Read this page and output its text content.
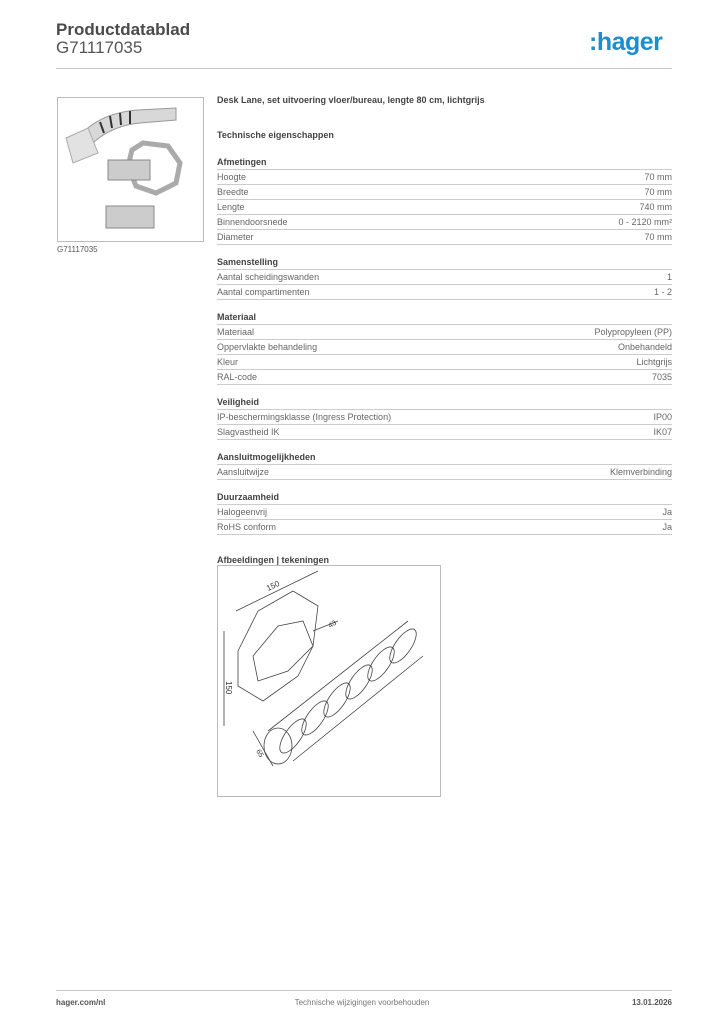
Productdatablad
G71117035	:hager
G71117035
Desk Lane, set uitvoering vloer/bureau, lengte 80 cm, lichtgrijs
Technische eigenschappen
Afmetingen
Hoogte	70 mm
Breedte	70 mm
Lengte	740 mm
Binnendoorsnede	0 - 2120 mm²
Diameter	70 mm
Samenstelling
Aantal scheidingswanden	1
Aantal compartimenten	1 - 2
Materiaal
Materiaal	Polypropyleen (PP)
Oppervlakte behandeling	Onbehandeld
Kleur	Lichtgrijs
RAL-code	7035
Veiligheid
IP-beschermingsklasse (Ingress Protection)	IP00
Slagvastheid IK	IK07
Aansluitmogelijkheden
Aansluitwijze	Klemverbinding
Duurzaamheid
Halogeenvrij	Ja
RoHS conform	Ja
Afbeeldingen | tekeningen
150
150
43
65
hager.com/nl	Technische wijzigingen voorbehouden	13.01.2026
